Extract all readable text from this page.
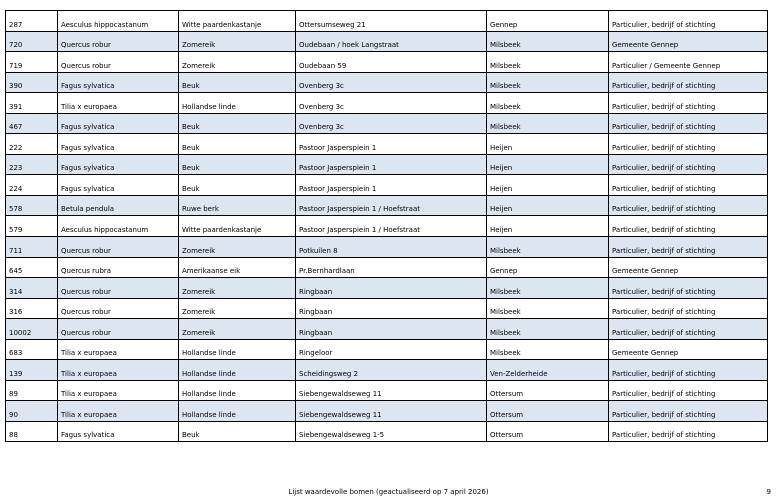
287	Aesculus hippocastanum	Witte paardenkastanje	Ottersumseweg 21	Gennep	Particulier, bedrijf of stichting
720	Quercus robur	Zomereik	Oudebaan / hoek Langstraat	Milsbeek	Gemeente Gennep
719	Quercus robur	Zomereik	Oudebaan 59	Milsbeek	Particulier / Gemeente Gennep
390	Fagus sylvatica	Beuk	Ovenberg 3c	Milsbeek	Particulier, bedrijf of stichting
391	Tilia x europaea	Hollandse linde	Ovenberg 3c	Milsbeek	Particulier, bedrijf of stichting
467	Fagus sylvatica	Beuk	Ovenberg 3c	Milsbeek	Particulier, bedrijf of stichting
222	Fagus sylvatica	Beuk	Pastoor Jasperspiein 1	Heijen	Particulier, bedrijf of stichting
223	Fagus sylvatica	Beuk	Pastoor Jasperspiein 1	Heijen	Particulier, bedrijf of stichting
224	Fagus sylvatica	Beuk	Pastoor Jasperspiein 1	Heijen	Particulier, bedrijf of stichting
578	Betula pendula	Ruwe berk	Pastoor Jasperspiein 1 / Hoefstraat	Heijen	Particulier, bedrijf of stichting
579	Aesculus hippocastanum	Witte paardenkastanje	Pastoor Jasperspiein 1 / Hoefstraat	Heijen	Particulier, bedrijf of stichting
711	Quercus robur	Zomereik	Potkuilen 8	Milsbeek	Particulier, bedrijf of stichting
645	Quercus rubra	Amerikaanse eik	Pr.Bernhardlaan	Gennep	Gemeente Gennep
314	Quercus robur	Zomereik	Ringbaan	Milsbeek	Particulier, bedrijf of stichting
316	Quercus robur	Zomereik	Ringbaan	Milsbeek	Particulier, bedrijf of stichting
10002	Quercus robur	Zomereik	Ringbaan	Milsbeek	Particulier, bedrijf of stichting
683	Tilia x europaea	Hollandse linde	Ringeloor	Milsbeek	Gemeente Gennep
139	Tilia x europaea	Hollandse linde	Scheidingsweg 2	Ven-Zelderheide	Particulier, bedrijf of stichting
89	Tilia x europaea	Hollandse linde	Siebengewaldseweg 11	Ottersum	Particulier, bedrijf of stichting
90	Tilia x europaea	Hollandse linde	Siebengewaldseweg 11	Ottersum	Particulier, bedrijf of stichting
88	Fagus sylvatica	Beuk	Siebengewaldseweg 1-5	Ottersum	Particulier, bedrijf of stichting
Lijst waardevolle bomen (geactualiseerd op 7 april 2026)	9
